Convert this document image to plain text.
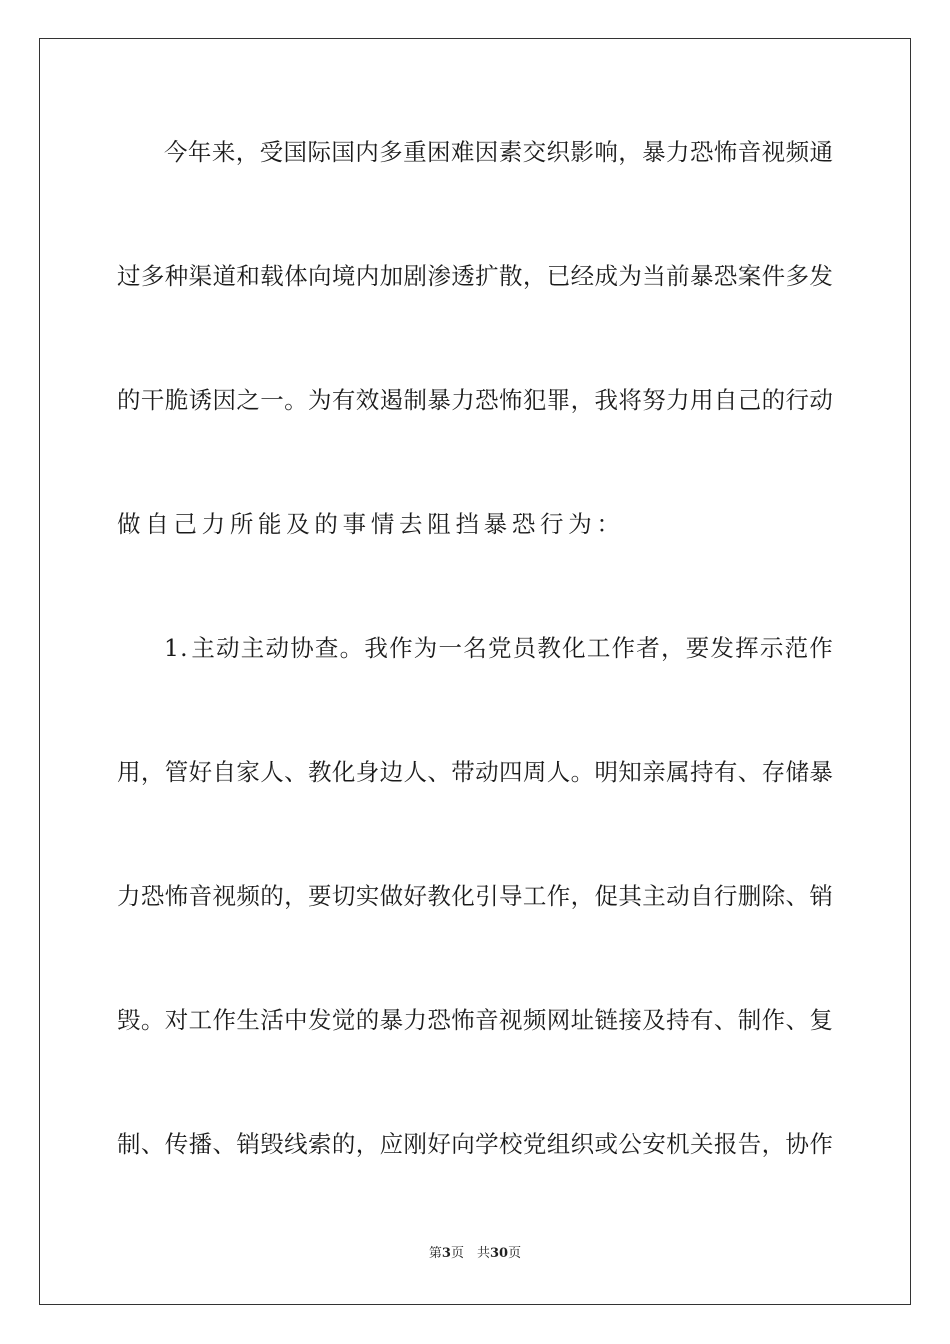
今 年 来 ， 受 国 际 国 内 多 重 困 难 因 素 交 织 影 响 ， 暴 力 恐 怖 音 视 频 通
过 多 种 渠 道 和 载 体 向 境 内 加 剧 渗 透 扩 散 ， 已 经 成 为 当 前 暴 恐 案 件 多 发
的 干 脆 诱 因 之 一 。 为 有 效 遏 制 暴 力 恐 怖 犯 罪 ， 我 将 努 力 用 自 己 的 行 动
做 自 己 力 所 能 及 的 事 情 去 阻 挡 暴 恐 行 为 ：
1 . 主 动 主 动 协 查 。 我 作 为 一 名 党 员 教 化 工 作 者 ， 要 发 挥 示 范 作
用 ， 管 好 自 家 人 、 教 化 身 边 人 、 带 动 四 周 人 。 明 知 亲 属 持 有 、 存 储 暴
力 恐 怖 音 视 频 的 ， 要 切 实 做 好 教 化 引 导 工 作 ， 促 其 主 动 自 行 删 除 、 销
毁 。 对 工 作 生 活 中 发 觉 的 暴 力 恐 怖 音 视 频 网 址 链 接 及 持 有 、 制 作 、 复
制 、 传 播 、 销 毁 线 索 的 ， 应 刚 好 向 学 校 党 组 织 或 公 安 机 关 报 告 ， 协 作
第3页　共30页
